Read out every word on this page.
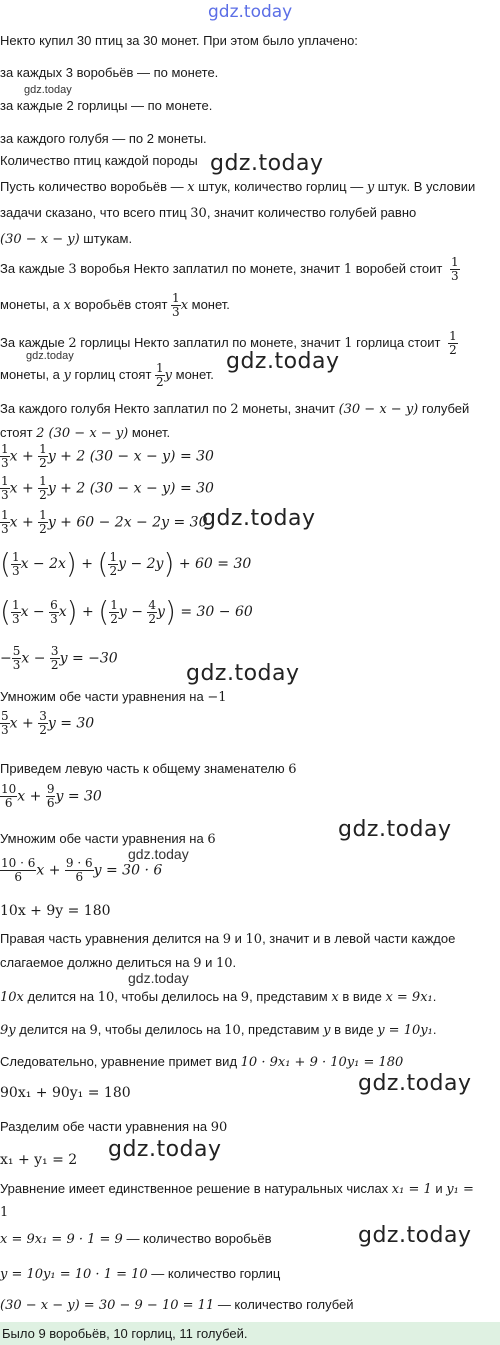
gdz.today
Некто купил 30 птиц за 30 монет. При этом было уплачено:
за каждых 3 воробьёв — по монете.
gdz.today
за каждые 2 горлицы — по монете.
за каждого голубя — по 2 монеты.
Количество птиц каждой породы gdz.today
Пусть количество воробьёв — x штук, количество горлиц — y штук. В условии
задачи сказано, что всего птиц 30, значит количество голубей равно
(30 − x − y) штукам.
За каждые 3 воробья Некто заплатил по монете, значит 1 воробей стоит $\frac{1}{3}$
монеты, а x воробьёв стоят $\frac{1}{3}$ x монет.
За каждые 2 горлицы Некто заплатил по монете, значит 1 горлица стоит $\frac{1}{2}$
gdz.today
монеты, а y горлиц стоят $\frac{1}{2}$ y монет.
gdz.today
За каждого голубя Некто заплатил по 2 монеты, значит (30 − x − y) голубей
стоят 2 (30 − x − y) монет.
$\frac{1}{3}$ $x + \frac{1}{2}$ y + 2 (30 − x − y) = 30
$\frac{1}{3}$ $x + \frac{1}{2}$ y + 2 (30 − x − y) = 30
$\frac{1}{3}$ $x + \frac{1}{2}$ y + 60 − 2x − 2y = 30
gdz.today
( $\frac{1}{3}$ x − 2x) + ( $\frac{1}{2}$ y − 2y) + 60 = 30
( $\frac{1}{3}$ $x - \frac{6}{3} x$) + ( $\frac{1}{2}$ $y - \frac{4}{2} y) = 30 - 60$
− $\frac{5}{3}$ $x - \frac{3}{2}$ y = −30
gdz.today
Умножим обе части уравнения на −1
$\frac{5}{3}$ $x + \frac{3}{2}$ y = 30
Приведем левую часть к общему знаменателю 6
$\frac{10}{6}$ $x + \frac{9}{6}$ y = 30
Умножим обе части уравнения на 6	gdz.today
gdz.today
$\frac{10 \cdot 6}{6}$ $x + \frac{9 \cdot 6}{6}$ y = 30 · 6
10x + 9y = 180
Правая часть уравнения делится на 9 и 10, значит и в левой части каждое
слагаемое должно делиться на 9 и 10.
gdz.today
10x делится на 10, чтобы делилось на 9, представим x в виде x = 9x₁.
9y делится на 9, чтобы делилось на 10, представим y в виде y = 10y₁.
Следовательно, уравнение примет вид 10 · 9x₁ + 9 · 10y₁ = 180
90x₁ + 90y₁ = 180	gdz.today
Разделим обе части уравнения на 90
x₁ + y₁ = 2 gdz.today
Уравнение имеет единственное решение в натуральных числах x₁ = 1 и y₁ =
1
x = 9x₁ = 9 · 1 = 9 — количество воробьёв	gdz.today
y = 10y₁ = 10 · 1 = 10 — количество горлиц
(30 − x − y) = 30 − 9 − 10 = 11 — количество голубей
Было 9 воробьёв, 10 горлиц, 11 голубей.
